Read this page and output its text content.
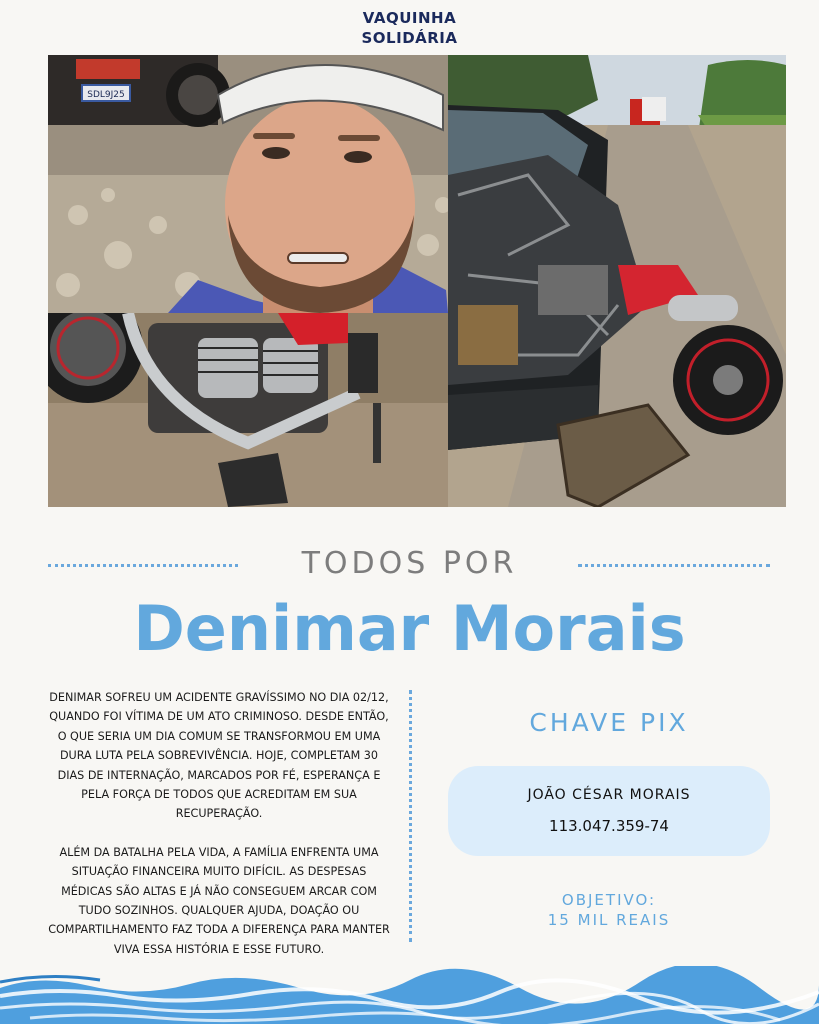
VAQUINHA
SOLIDÁRIA
SDL9J25
TODOS POR
Denimar Morais

DENIMAR SOFREU UM ACIDENTE GRAVÍSSIMO NO DIA 02/12, QUANDO FOI VÍTIMA DE UM ATO CRIMINOSO. DESDE ENTÃO, O QUE SERIA UM DIA COMUM SE TRANSFORMOU EM UMA DURA LUTA PELA SOBREVIVÊNCIA. HOJE, COMPLETAM 30 DIAS DE INTERNAÇÃO, MARCADOS POR FÉ, ESPERANÇA E PELA FORÇA DE TODOS QUE ACREDITAM EM SUA RECUPERAÇÃO.

ALÉM DA BATALHA PELA VIDA, A FAMÍLIA ENFRENTA UMA SITUAÇÃO FINANCEIRA MUITO DIFÍCIL. AS DESPESAS MÉDICAS SÃO ALTAS E JÁ NÃO CONSEGUEM ARCAR COM TUDO SOZINHOS. QUALQUER AJUDA, DOAÇÃO OU COMPARTILHAMENTO FAZ TODA A DIFERENÇA PARA MANTER VIVA ESSA HISTÓRIA E ESSE FUTURO.

CHAVE PIX
JOÃO CÉSAR MORAIS
113.047.359-74
OBJETIVO:
15 MIL REAIS
